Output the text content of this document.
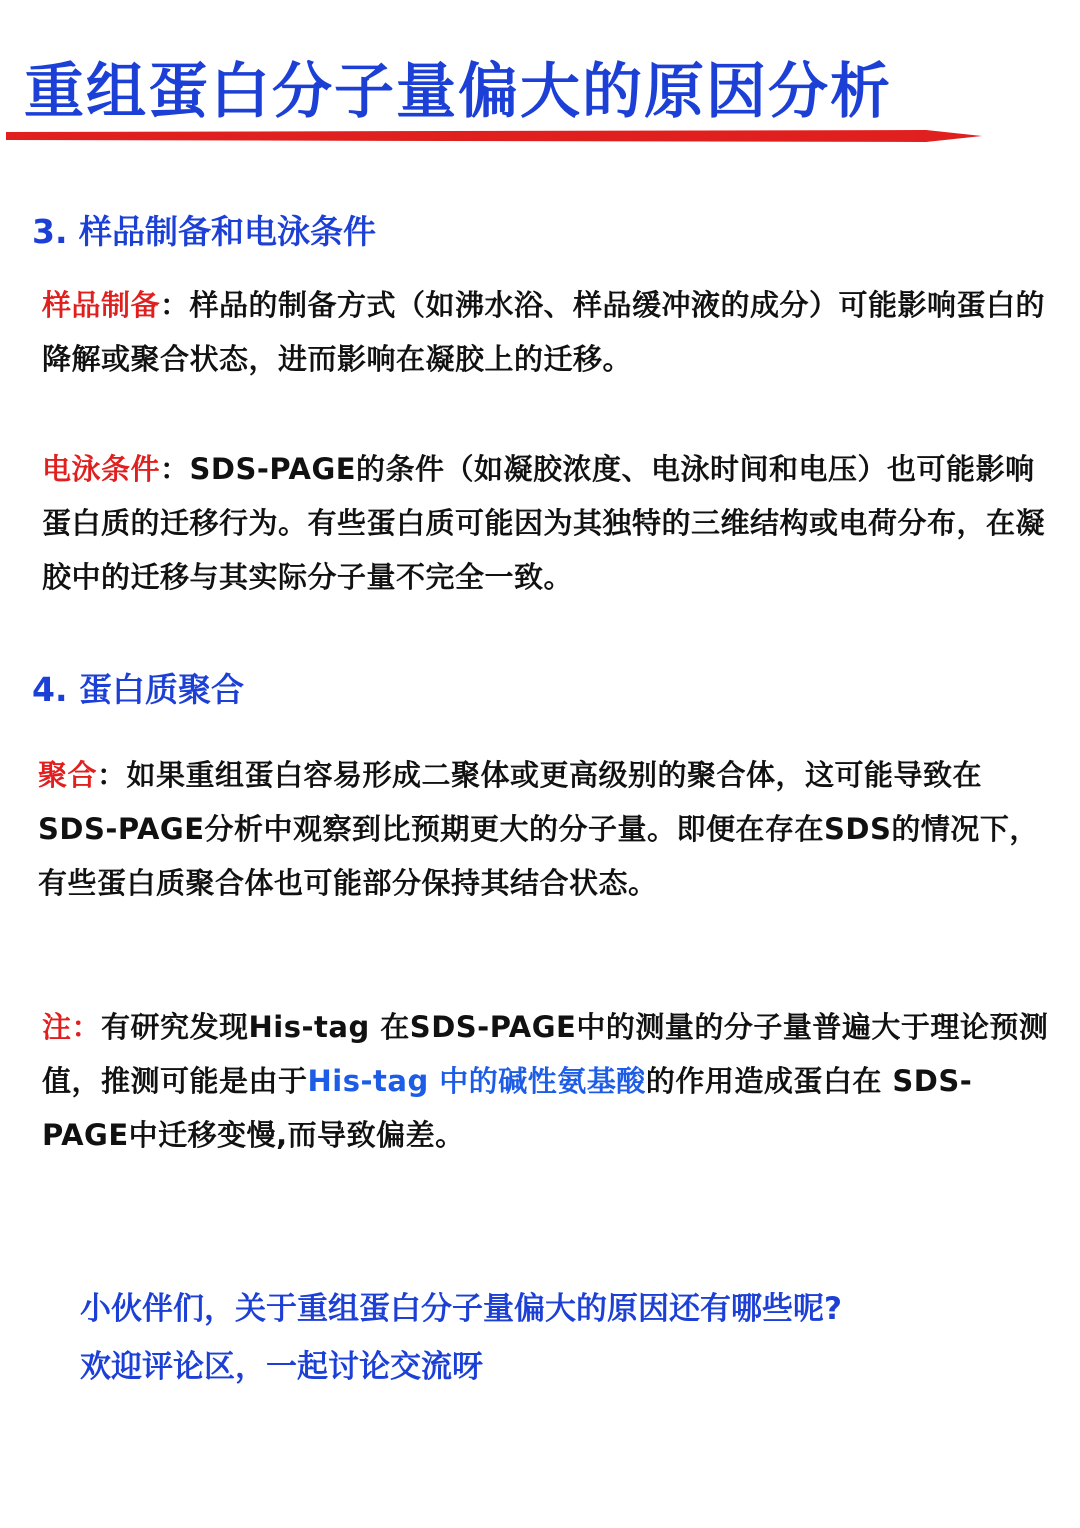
重组蛋白分子量偏大的原因分析
3. 样品制备和电泳条件

样品制备：样品的制备方式（如沸水浴、样品缓冲液的成分）可能影响蛋白的降解或聚合状态，进而影响在凝胶上的迁移。

电泳条件：SDS-PAGE的条件（如凝胶浓度、电泳时间和电压）也可能影响蛋白质的迁移行为。有些蛋白质可能因为其独特的三维结构或电荷分布，在凝胶中的迁移与其实际分子量不完全一致。

4. 蛋白质聚合

聚合：如果重组蛋白容易形成二聚体或更高级别的聚合体，这可能导致在SDS-PAGE分析中观察到比预期更大的分子量。即便在存在SDS的情况下，有些蛋白质聚合体也可能部分保持其结合状态。

注：有研究发现His-tag 在SDS-PAGE中的测量的分子量普遍大于理论预测值，推测可能是由于His-tag 中的碱性氨基酸的作用造成蛋白在 SDS-PAGE中迁移变慢,而导致偏差。

小伙伴们，关于重组蛋白分子量偏大的原因还有哪些呢?
欢迎评论区，一起讨论交流呀
